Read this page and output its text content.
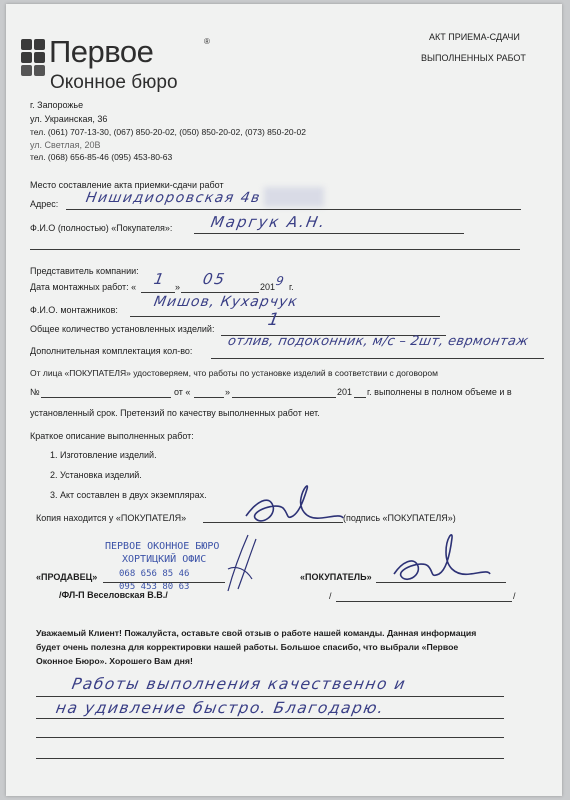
Первое	®
Оконное бюро
АКТ ПРИЕМА-СДАЧИ
ВЫПОЛНЕННЫХ РАБОТ
г. Запорожье
ул. Украинская, 36
тел. (061) 707-13-30, (067) 850-20-02, (050) 850-20-02, (073) 850-20-02
ул. Светлая, 20В
тел. (068) 656-85-46 (095) 453-80-63
Место составление акта приемки-сдачи работ
Адрес: Нишидиоровская 4в
Ф.И.О (полностью) «Покупателя»: Маргук А.Н.
Представитель компании:
Дата монтажных работ: « 1 » 05	201 9 г.
Ф.И.О. монтажников: Мишов, Кухарчук
Общее количество установленных изделий:	1
Дополнительная комплектация кол-во:
отлив, подоконник, м/с – 2шт, еврмонтаж
От лица «ПОКУПАТЕЛЯ» удостоверяем, что работы по установке изделий в соответствии с договором
№	от «	»	201 г. выполнены в полном объеме и в
установленный срок. Претензий по качеству выполненных работ нет.
Краткое описание выполненных работ:
1. Изготовление изделий.
2. Установка изделий.
3. Акт составлен в двух экземплярах.
Копия находится у «ПОКУПАТЕЛЯ»	(подпись «ПОКУПАТЕЛЯ»)
ПЕРВОЕ ОКОННОЕ БЮРО
ХОРТИЦКИЙ ОФИС
068 656 85 46
095 453 80 63
«ПРОДАВЕЦ»
/ФЛ-П Веселовская В.В./
«ПОКУПАТЕЛЬ»
/	/
Уважаемый Клиент! Пожалуйста, оставьте свой отзыв о работе нашей команды. Данная информация
будет очень полезна для корректировки нашей работы. Большое спасибо, что выбрали «Первое
Оконное Бюро». Хорошего Вам дня!
Работы выполнения качественно и
на удивление быстро. Благодарю.
